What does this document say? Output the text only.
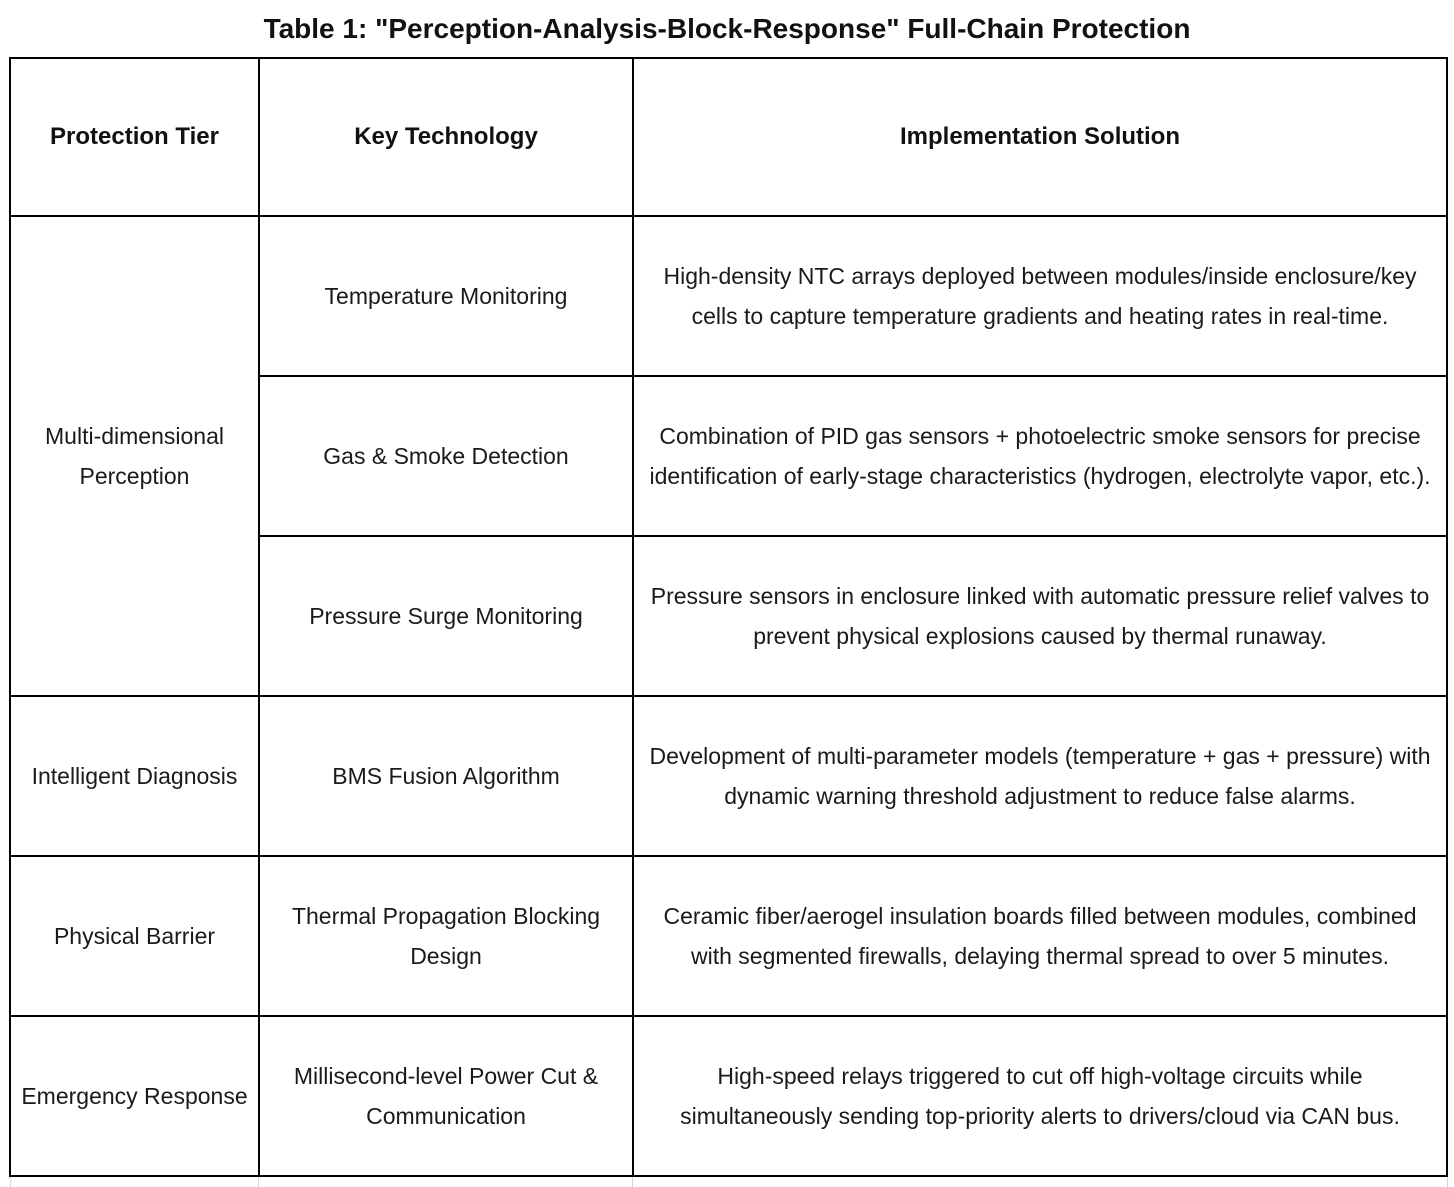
Table 1: "Perception-Analysis-Block-Response" Full-Chain Protection
Protection Tier	Key Technology	Implementation Solution
Multi-dimensional Perception	Temperature Monitoring	High-density NTC arrays deployed between modules/inside enclosure/key cells to capture temperature gradients and heating rates in real-time.
	Gas & Smoke Detection	Combination of PID gas sensors + photoelectric smoke sensors for precise identification of early-stage characteristics (hydrogen, electrolyte vapor, etc.).
	Pressure Surge Monitoring	Pressure sensors in enclosure linked with automatic pressure relief valves to prevent physical explosions caused by thermal runaway.
Intelligent Diagnosis	BMS Fusion Algorithm	Development of multi-parameter models (temperature + gas + pressure) with dynamic warning threshold adjustment to reduce false alarms.
Physical Barrier	Thermal Propagation Blocking Design	Ceramic fiber/aerogel insulation boards filled between modules, combined with segmented firewalls, delaying thermal spread to over 5 minutes.
Emergency Response	Millisecond-level Power Cut & Communication	High-speed relays triggered to cut off high-voltage circuits while simultaneously sending top-priority alerts to drivers/cloud via CAN bus.
